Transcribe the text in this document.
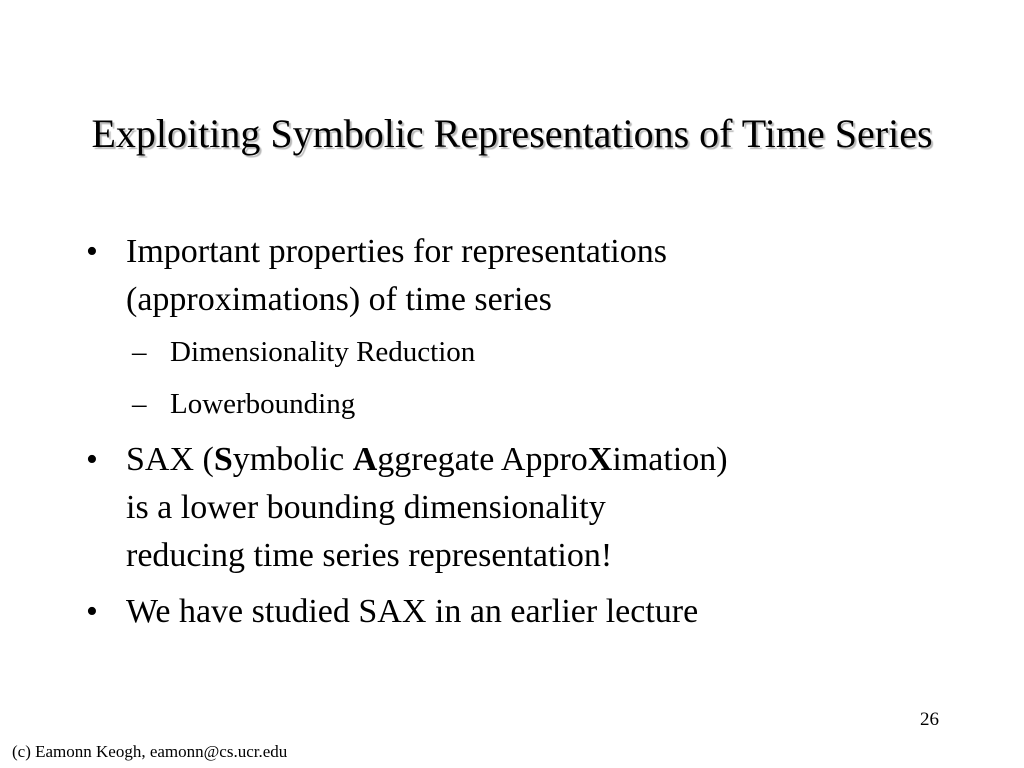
Exploiting Symbolic Representations of Time Series
• Important properties for representations
(approximations) of time series
– Dimensionality Reduction
– Lowerbounding
• SAX (Symbolic Aggregate ApproXimation)
is a lower bounding dimensionality
reducing time series representation!
• We have studied SAX in an earlier lecture
26
(c) Eamonn Keogh, eamonn@cs.ucr.edu
